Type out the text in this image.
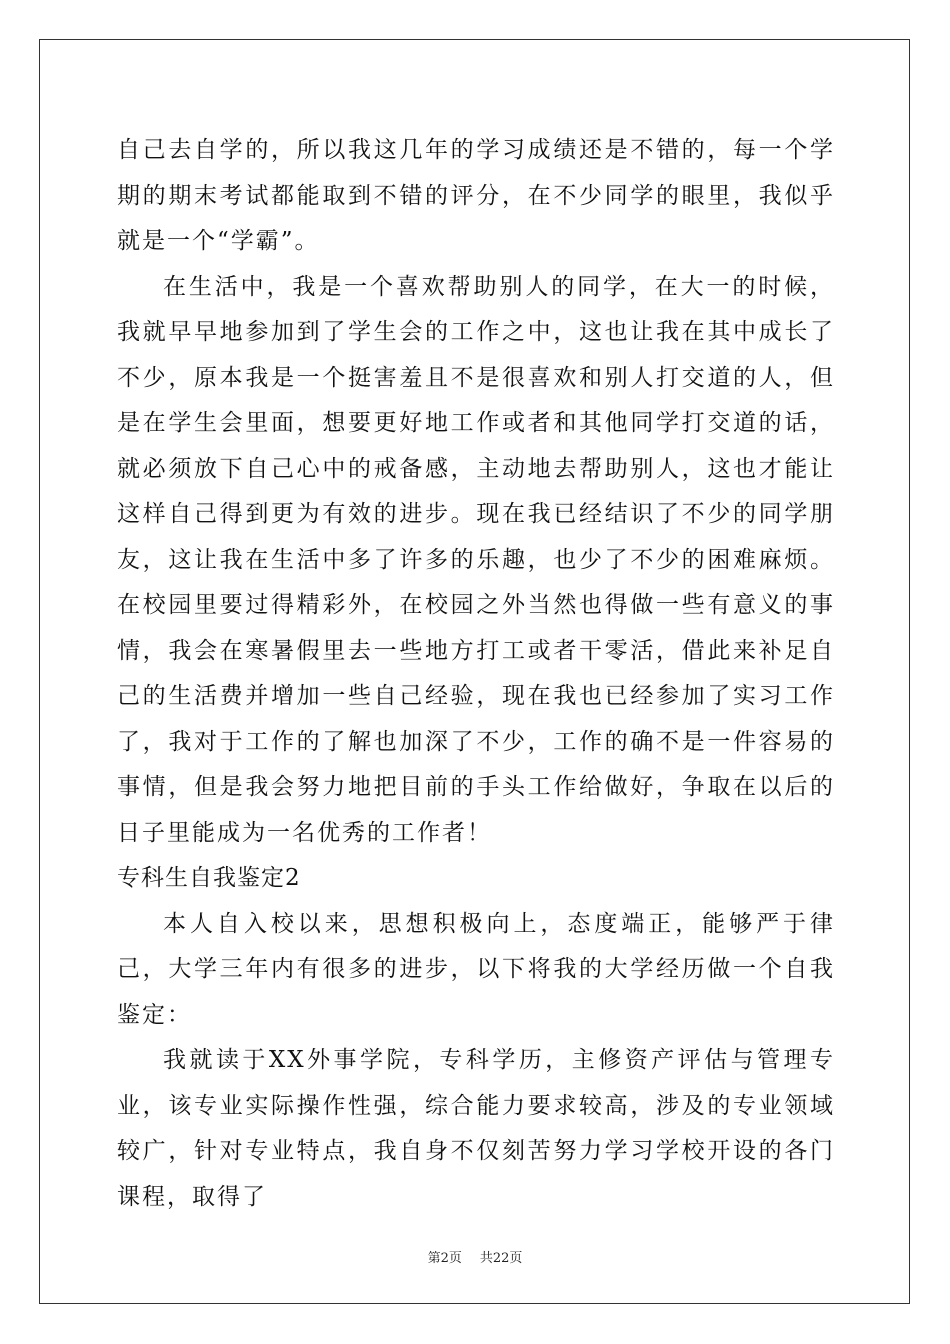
自己去自学的，所以我这几年的学习成绩还是不错的，每一个学期的期末考试都能取到不错的评分，在不少同学的眼里，我似乎就是一个“学霸”。

在生活中，我是一个喜欢帮助别人的同学，在大一的时候，我就早早地参加到了学生会的工作之中，这也让我在其中成长了不少，原本我是一个挺害羞且不是很喜欢和别人打交道的人，但是在学生会里面，想要更好地工作或者和其他同学打交道的话，就必须放下自己心中的戒备感，主动地去帮助别人，这也才能让这样自己得到更为有效的进步。现在我已经结识了不少的同学朋友，这让我在生活中多了许多的乐趣，也少了不少的困难麻烦。在校园里要过得精彩外，在校园之外当然也得做一些有意义的事情，我会在寒暑假里去一些地方打工或者干零活，借此来补足自己的生活费并增加一些自己经验，现在我也已经参加了实习工作了，我对于工作的了解也加深了不少，工作的确不是一件容易的事情，但是我会努力地把目前的手头工作给做好，争取在以后的日子里能成为一名优秀的工作者！

专科生自我鉴定2

本人自入校以来，思想积极向上，态度端正，能够严于律己，大学三年内有很多的进步，以下将我的大学经历做一个自我鉴定：

我就读于XX外事学院，专科学历，主修资产评估与管理专业，该专业实际操作性强，综合能力要求较高，涉及的专业领域较广，针对专业特点，我自身不仅刻苦努力学习学校开设的各门课程，取得了

第2页 共22页
